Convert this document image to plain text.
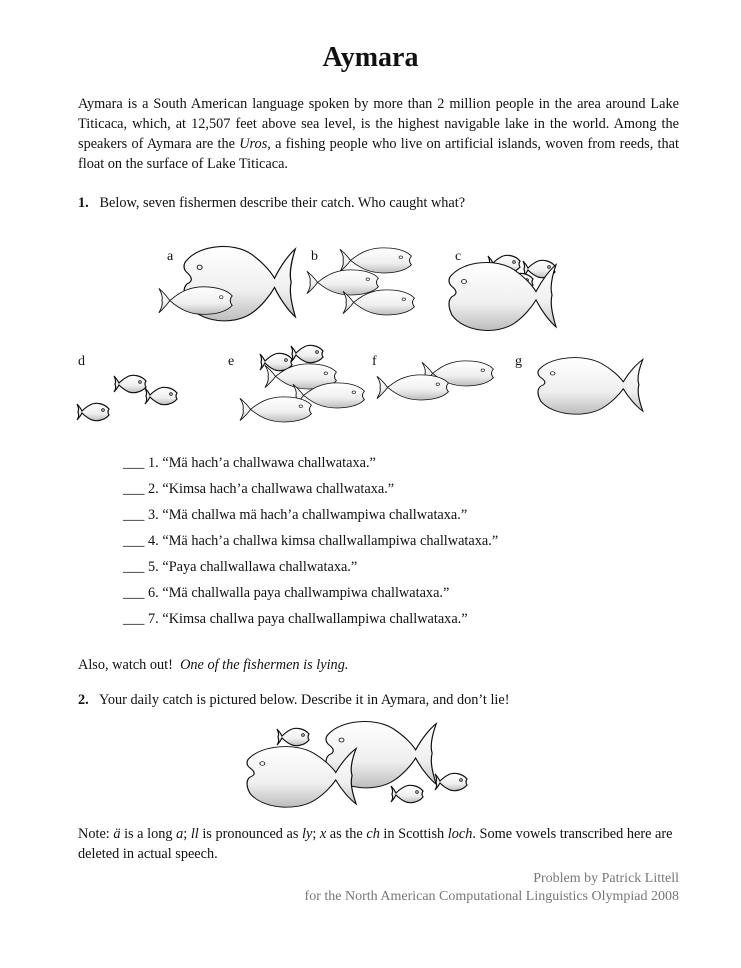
Aymara
Aymara is a South American language spoken by more than 2 million people in the area around Lake Titicaca, which, at 12,507 feet above sea level, is the highest navigable lake in the world. Among the speakers of Aymara are the Uros, a fishing people who live on artificial islands, woven from reeds, that float on the surface of Lake Titicaca.
1. Below, seven fishermen describe their catch. Who caught what?
a	b	c
d	e	f	g
___ 1. “Mä hach’a challwawa challwataxa.”
___ 2. “Kimsa hach’a challwawa challwataxa.”
___ 3. “Mä challwa mä hach’a challwampiwa challwataxa.”
___ 4. “Mä hach’a challwa kimsa challwallampiwa challwataxa.”
___ 5. “Paya challwallawa challwataxa.”
___ 6. “Mä challwalla paya challwampiwa challwataxa.”
___ 7. “Kimsa challwa paya challwallampiwa challwataxa.”
Also, watch out! One of the fishermen is lying.
2. Your daily catch is pictured below. Describe it in Aymara, and don’t lie!
Note: ä is a long a; ll is pronounced as ly; x as the ch in Scottish loch. Some vowels transcribed here are deleted in actual speech.
Problem by Patrick Littell
for the North American Computational Linguistics Olympiad 2008
